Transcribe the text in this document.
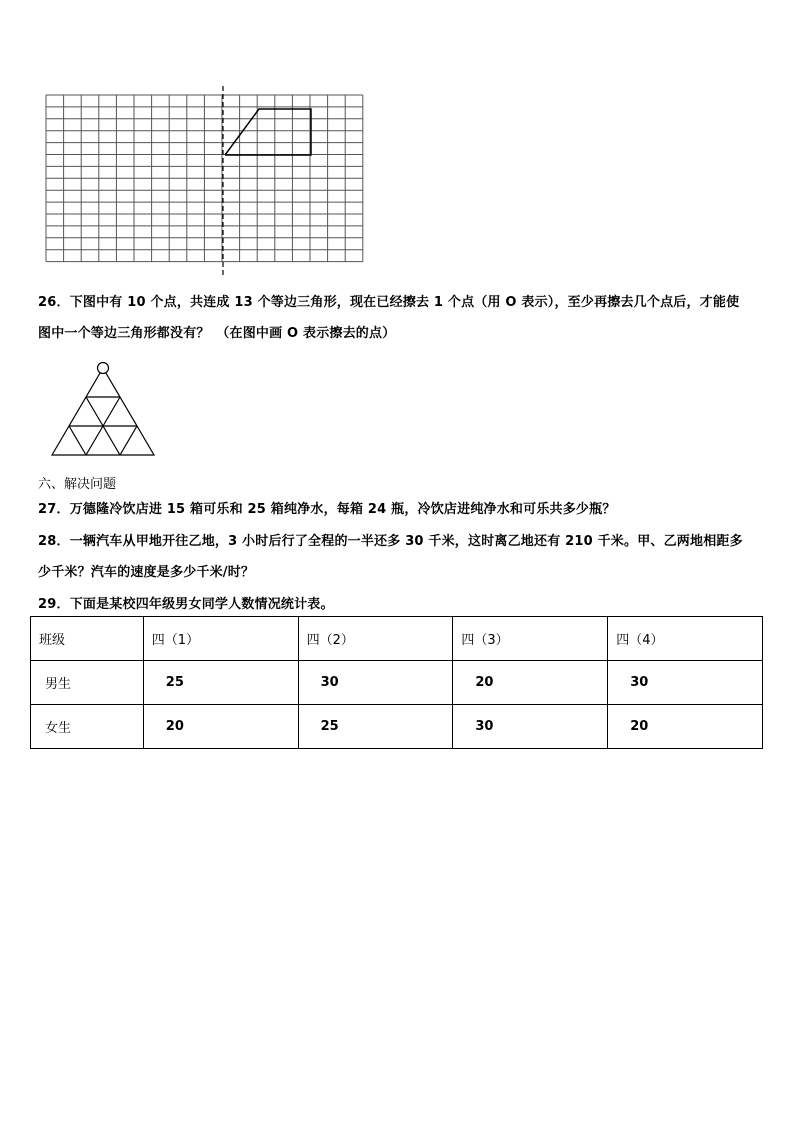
26．下图中有 10 个点，共连成 13 个等边三角形，现在已经擦去 1 个点（用 O 表示），至少再擦去几个点后，才能使
图中一个等边三角形都没有？　（在图中画 O 表示擦去的点）
六、解决问题
27．万德隆冷饮店进 15 箱可乐和 25 箱纯净水，每箱 24 瓶，冷饮店进纯净水和可乐共多少瓶？
28．一辆汽车从甲地开往乙地，3 小时后行了全程的一半还多 30 千米，这时离乙地还有 210 千米。甲、乙两地相距多
少千米？汽车的速度是多少千米/时？
29．下面是某校四年级男女同学人数情况统计表。
班级	四（1）	四（2）	四（3）	四（4）
男生	25	30	20	30
女生	20	25	30	20
